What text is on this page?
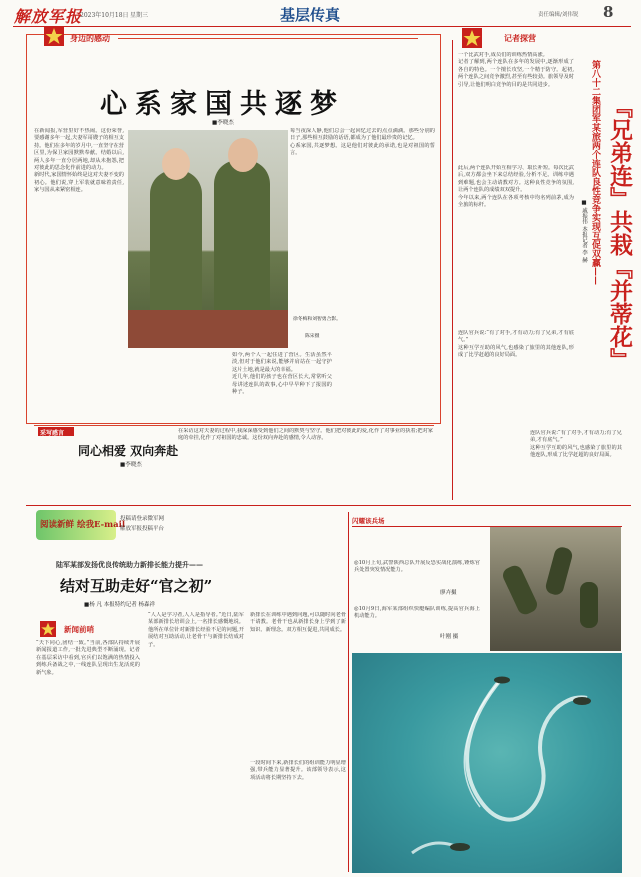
解放军报
2023年10月18日 星期三	基层传真	责任编辑/刘伟锐 8
身边的感动
心系家国共逐梦
■李晓杰
在新闻报,军营里好不热闹。这份荣誉,要感谢多年一起,夫妻军哥嫂子的相互支持。他们在多年的岁月中,一直坚守在营区里,为保卫家园默默奉献。结婚以后,两人多年一直分居两地,却从未抱怨,把对彼此的思念化作前进的动力。
新时代,家国情怀始终是这对夫妻不变的初心。他们说,穿上军装就意味着责任,家与国从来紧密相连。
徐冬梅和刘智勇合影。
陈宋摄
如今,两个人一起住进了营区。生活虽然平淡,但对于他们来说,能够并肩站在一起守护这片土地,就是最大的幸福。
近几年,他们的孩子也在营区长大,常常听父母讲述连队的故事,心中早早种下了报国的种子。
每当夜深人静,他们总会一起回忆过去的点点滴滴。那些分别的日子,那些相互鼓励的话语,都成为了他们最珍贵的记忆。
心系家国,共逐梦想。这是他们对彼此的承诺,也是对祖国的誓言。
采写感言
同心相爱 双向奔赴
■李晓杰
在采访这对夫妻的过程中,我深深感受到他们之间的默契与坚守。他们把对彼此的爱,化作了对事业的执着;把对家庭的牵挂,化作了对祖国的忠诚。这份双向奔赴的感情,令人动容。
记者探营
一个比武对手,成员们的训练热情高涨。
记者了解到,两个连队在多年的发展中,逐渐形成了各自的特色。一个擅长攻坚,一个精于防守。起初,两个连队之间竞争激烈,甚至有些较劲。旅领导及时引导,让他们明白竞争的目的是共同进步。
此后,两个连队开始互相学习、取长补短。每次比武后,双方都会坐下来总结经验,分析不足。训练中遇到难题,也会主动请教对方。这种良性竞争的氛围,让两个连队的成绩双双提升。
今年以来,两个连队在各项考核中均名列前茅,成为全旅的标杆。
连队官兵说:“有了对手,才有动力;有了兄弟,才有底气。”
这种互学互助的风气,也感染了旅里的其他连队,形成了比学赶超的良好局面。
连队官兵说:“有了对手,才有动力;有了兄弟,才有底气。”
这种互学互助的风气,也感染了旅里的其他连队,形成了比学赶超的良好局面。
第八十二集团军某旅两个连队良性竞争实现互促双赢—— 『兄弟连』共栽『并蒂花』
■ 戚振伟 本报记者 李 赫
阅读新鲜 绘我E-mail
投稿请登录微军网
解放军报投稿平台
陆军某部发扬优良传统助力新排长能力提升——
结对互助走好“官之初”
■杨 凡 本报特约记者 杨森祥
“人人是学习者,人人是指导者。”近日,陆军某部新排长培训会上,一名排长感慨地说。他所在单位针对新排长经验不足的问题,开展结对互助活动,让老骨干与新排长结成对子。
新排长在训练中遇到问题,可以随时向老骨干请教。老骨干也从新排长身上学到了新知识、新理念。双方相互促进,共同成长。
一段时间下来,新排长们的组训能力明显增强,带兵能力显著提升。该部领导表示,这项活动将长期坚持下去。
新闻前哨
“天下同心,团结一致。”当前,各部队持续开展新闻报道工作,一批先进典型不断涌现。记者在基层采访中看到,官兵们以饱满的热情投入到练兵备战之中,一线连队呈现出生龙活虎的新气象。
闪耀该兵场
◎10月上旬,武警陕西总队开展反恐实战化演练,锤炼官兵处置突发情况能力。
廖卉摄
◎10月9日,海军某部组织快艇编队训练,提高官兵海上机动能力。
叶刚 摄
